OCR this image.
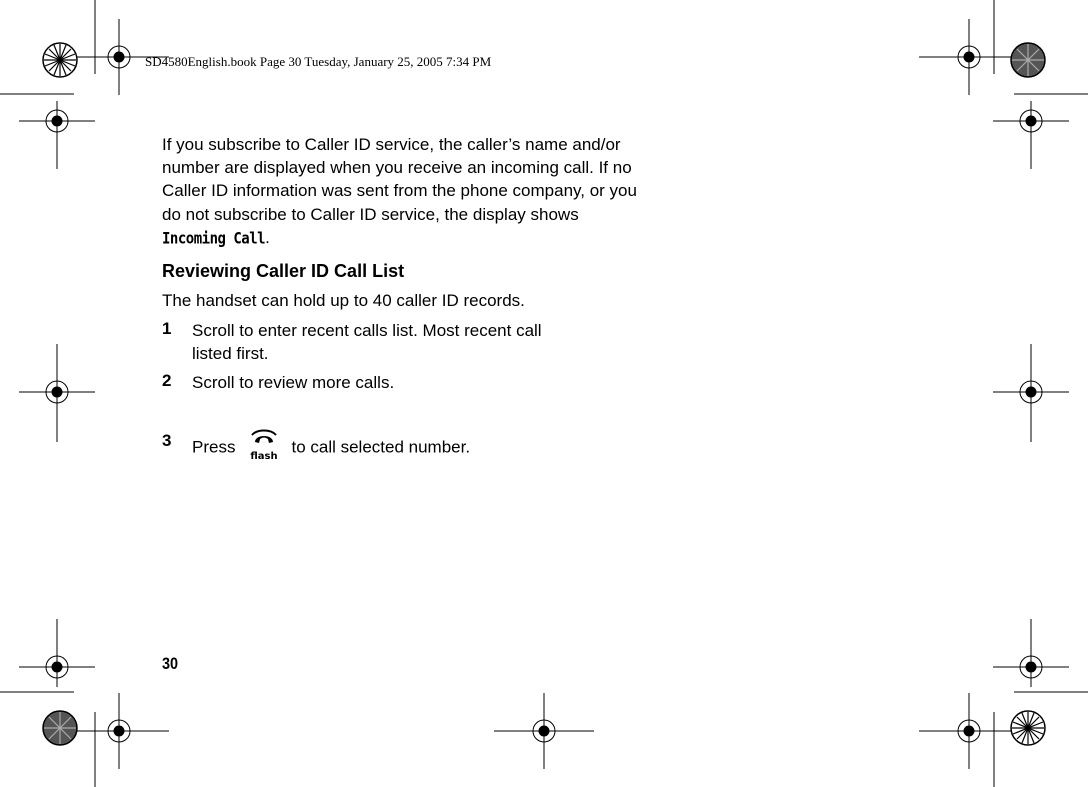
SD4580English.book Page 30 Tuesday, January 25, 2005 7:34 PM

If you subscribe to Caller ID service, the caller’s name and/or number are displayed when you receive an incoming call. If no Caller ID information was sent from the phone company, or you do not subscribe to Caller ID service, the display shows Incoming Call.

Reviewing Caller ID Call List

The handset can hold up to 40 caller ID records.

1 Scroll to enter recent calls list. Most recent call
listed first.
2 Scroll to review more calls.
3 Press
flash
to call selected number.
30
